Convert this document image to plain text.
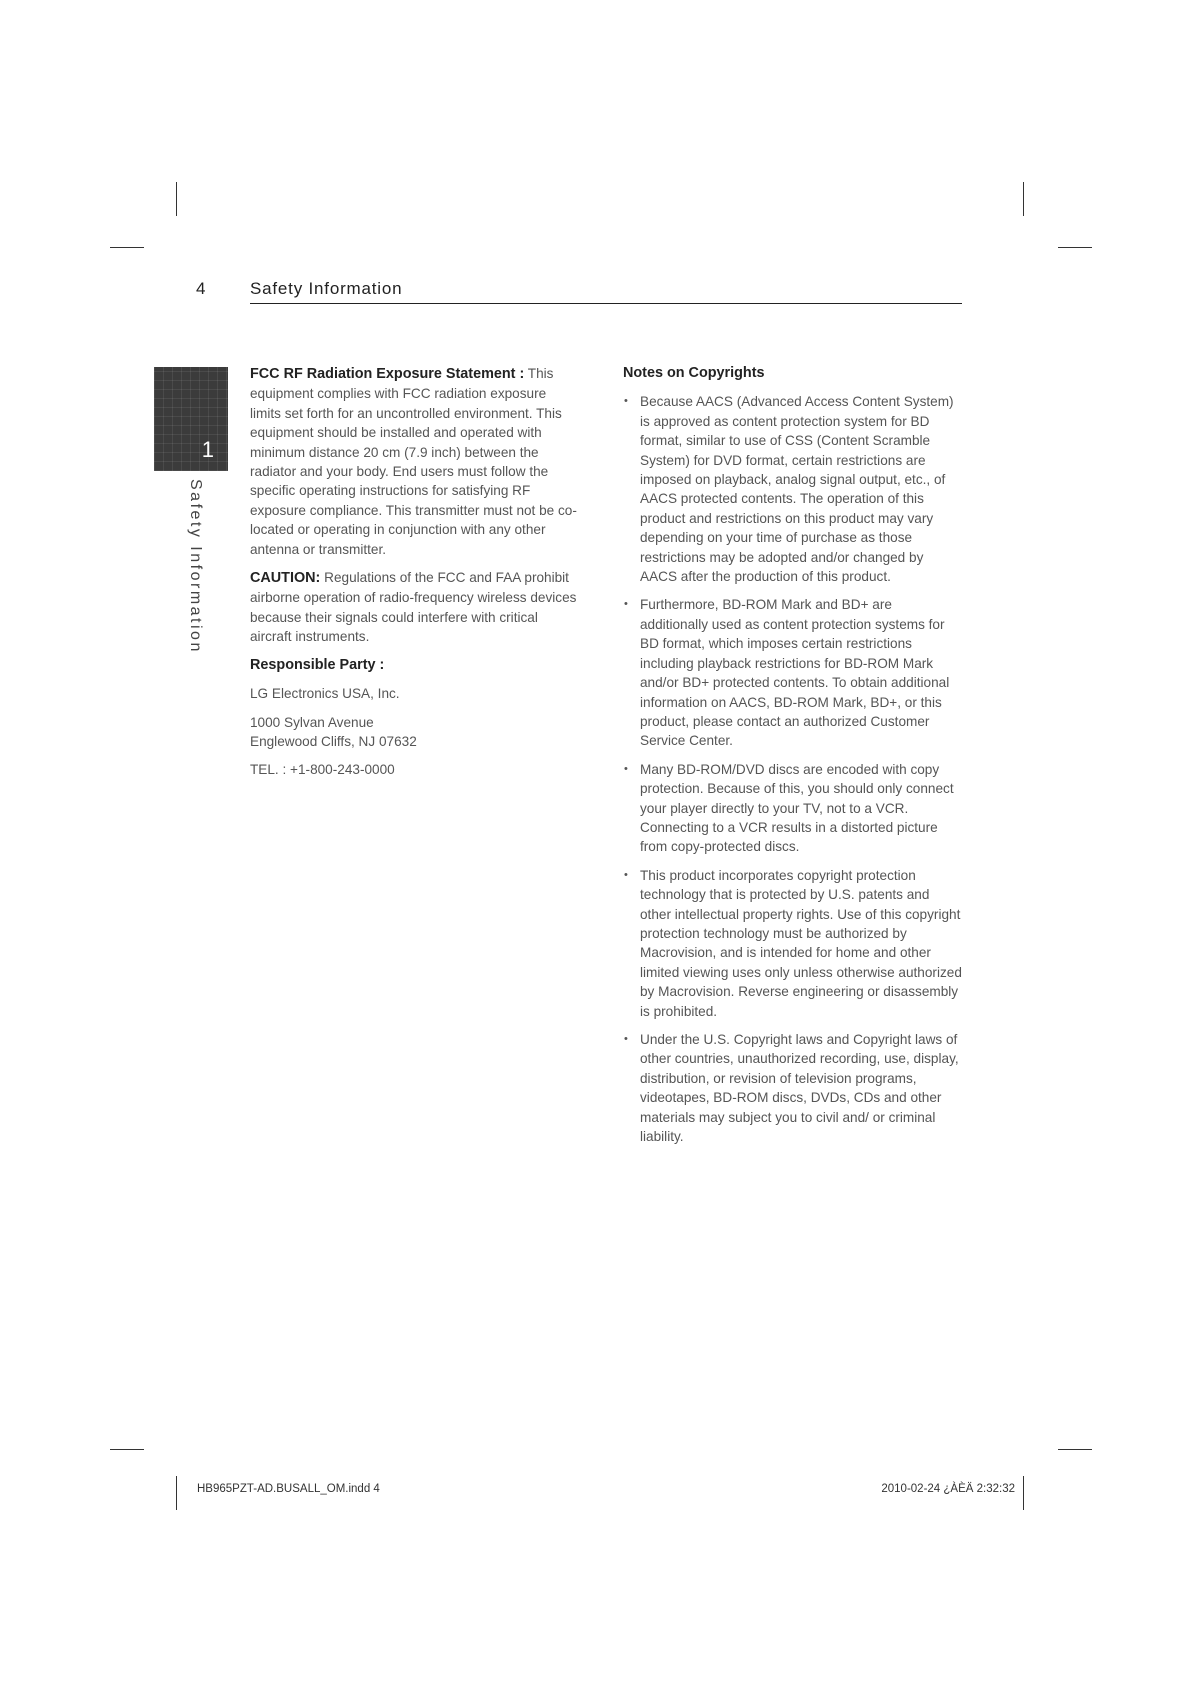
4	Safety Information
1
Safety Information

FCC RF Radiation Exposure Statement : This equipment complies with FCC radiation exposure limits set forth for an uncontrolled environment. This equipment should be installed and operated with minimum distance 20 cm (7.9 inch) between the radiator and your body. End users must follow the specific operating instructions for satisfying RF exposure compliance. This transmitter must not be co-located or operating in conjunction with any other antenna or transmitter.

CAUTION: Regulations of the FCC and FAA prohibit airborne operation of radio-frequency wireless devices because their signals could interfere with critical aircraft instruments.

Responsible Party :

LG Electronics USA, Inc.

1000 Sylvan Avenue
Englewood Cliffs, NJ 07632

TEL. : +1-800-243-0000

Notes on Copyrights

• Because AACS (Advanced Access Content System) is approved as content protection system for BD format, similar to use of CSS (Content Scramble System) for DVD format, certain restrictions are imposed on playback, analog signal output, etc., of AACS protected contents. The operation of this product and restrictions on this product may vary depending on your time of purchase as those restrictions may be adopted and/or changed by AACS after the production of this product.
• Furthermore, BD-ROM Mark and BD+ are additionally used as content protection systems for BD format, which imposes certain restrictions including playback restrictions for BD-ROM Mark and/or BD+ protected contents. To obtain additional information on AACS, BD-ROM Mark, BD+, or this product, please contact an authorized Customer Service Center.
• Many BD-ROM/DVD discs are encoded with copy protection. Because of this, you should only connect your player directly to your TV, not to a VCR. Connecting to a VCR results in a distorted picture from copy-protected discs.
• This product incorporates copyright protection technology that is protected by U.S. patents and other intellectual property rights. Use of this copyright protection technology must be authorized by Macrovision, and is intended for home and other limited viewing uses only unless otherwise authorized by Macrovision. Reverse engineering or disassembly is prohibited.
• Under the U.S. Copyright laws and Copyright laws of other countries, unauthorized recording, use, display, distribution, or revision of television programs, videotapes, BD-ROM discs, DVDs, CDs and other materials may subject you to civil and/ or criminal liability.
HB965PZT-AD.BUSALL_OM.indd 4	2010-02-24 ¿ÀÈÄ 2:32:32
